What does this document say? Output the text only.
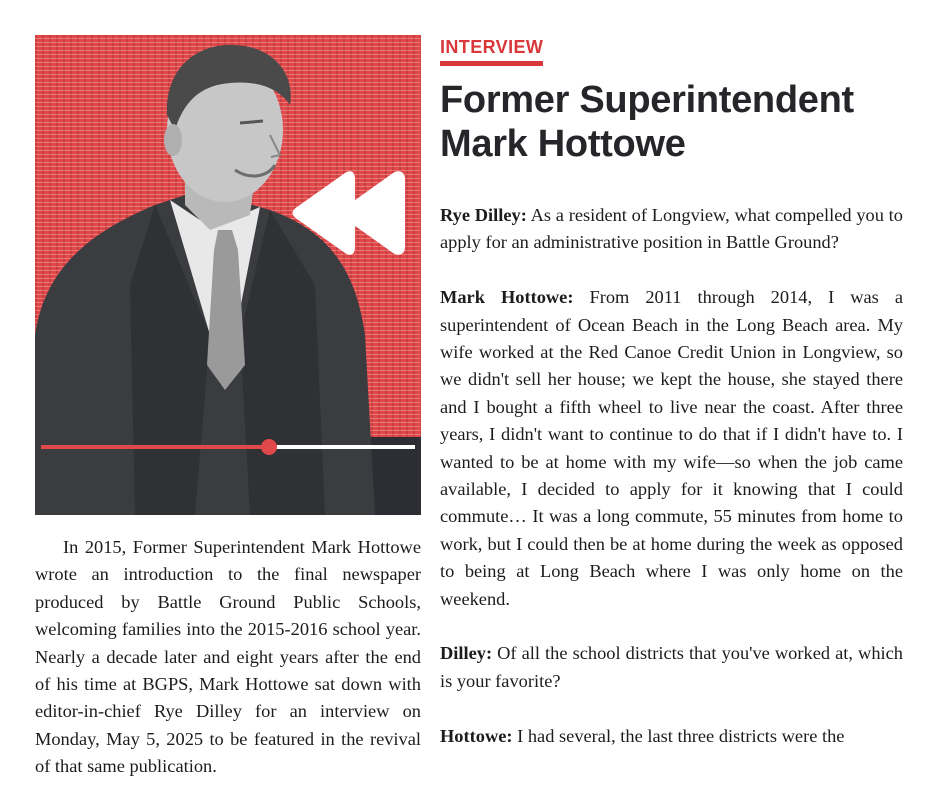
In 2015, Former Superintendent Mark Hottowe wrote an introduction to the final newspaper produced by Battle Ground Public Schools, welcoming families into the 2015-2016 school year. Nearly a decade later and eight years after the end of his time at BGPS, Mark Hottowe sat down with editor-in-chief Rye Dilley for an interview on Monday, May 5, 2025 to be featured in the revival of that same publication.

INTERVIEW
Former Superintendent Mark Hottowe

Rye Dilley: As a resident of Longview, what compelled you to apply for an administrative position in Battle Ground?

Mark Hottowe: From 2011 through 2014, I was a superintendent of Ocean Beach in the Long Beach area. My wife worked at the Red Canoe Credit Union in Longview, so we didn't sell her house; we kept the house, she stayed there and I bought a fifth wheel to live near the coast. After three years, I didn't want to continue to do that if I didn't have to. I wanted to be at home with my wife—so when the job came available, I decided to apply for it knowing that I could commute… It was a long commute, 55 minutes from home to work, but I could then be at home during the week as opposed to being at Long Beach where I was only home on the weekend.

Dilley: Of all the school districts that you've worked at, which is your favorite?

Hottowe: I had several, the last three districts were the
